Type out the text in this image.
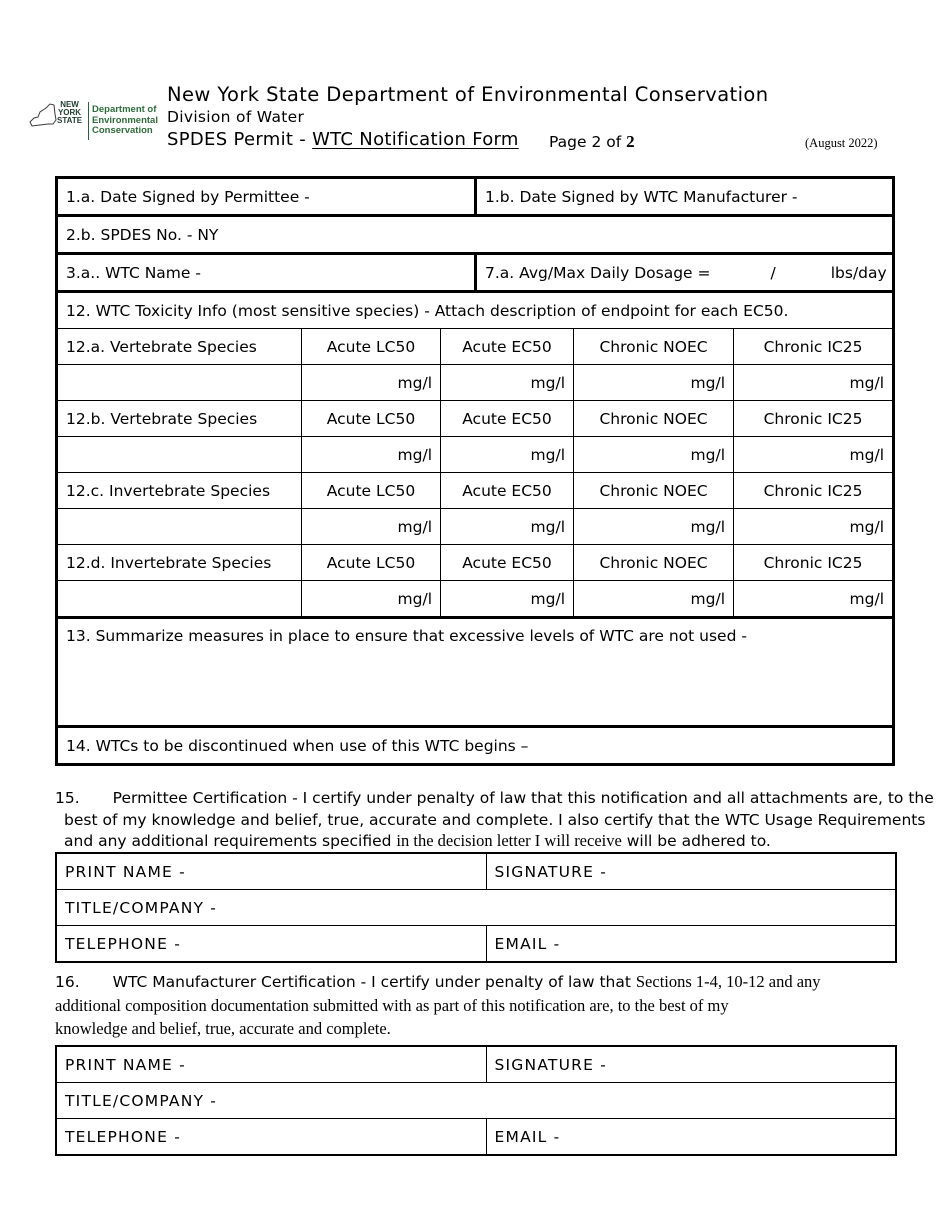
NEW
YORK
STATE
Department of
Environmental
Conservation
New York State Department of Environmental Conservation
Division of Water
SPDES Permit - WTC Notification Form Page 2 of 2	(August 2022)
1.a. Date Signed by Permittee -			1.b. Date Signed by WTC Manufacturer -		
2.b. SPDES No. - NY					
3.a.. WTC Name -			7.a. Avg/Max Daily Dosage = / lbs/day		
12. WTC Toxicity Info (most sensitive species) - Attach description of endpoint for each EC50.					
12.a. Vertebrate Species	Acute LC50	Acute EC50		Chronic NOEC	Chronic IC25
	mg/l	mg/l		mg/l	mg/l
12.b. Vertebrate Species	Acute LC50	Acute EC50		Chronic NOEC	Chronic IC25
	mg/l	mg/l		mg/l	mg/l
12.c. Invertebrate Species	Acute LC50	Acute EC50		Chronic NOEC	Chronic IC25
	mg/l	mg/l		mg/l	mg/l
12.d. Invertebrate Species	Acute LC50	Acute EC50		Chronic NOEC	Chronic IC25
	mg/l	mg/l		mg/l	mg/l
13. Summarize measures in place to ensure that excessive levels of WTC are not used -					
14. WTCs to be discontinued when use of this WTC begins –					
15. Permittee Certification - I certify under penalty of law that this notification and all attachments are, to the
best of my knowledge and belief, true, accurate and complete. I also certify that the WTC Usage Requirements
and any additional requirements specified in the decision letter I will receive will be adhered to.
PRINT NAME -	SIGNATURE -
TITLE/COMPANY -	
TELEPHONE -	EMAIL -
16. WTC Manufacturer Certification - I certify under penalty of law that Sections 1-4, 10-12 and any
additional composition documentation submitted with as part of this notification are, to the best of my
knowledge and belief, true, accurate and complete.
PRINT NAME -	SIGNATURE -
TITLE/COMPANY -	
TELEPHONE -	EMAIL -
